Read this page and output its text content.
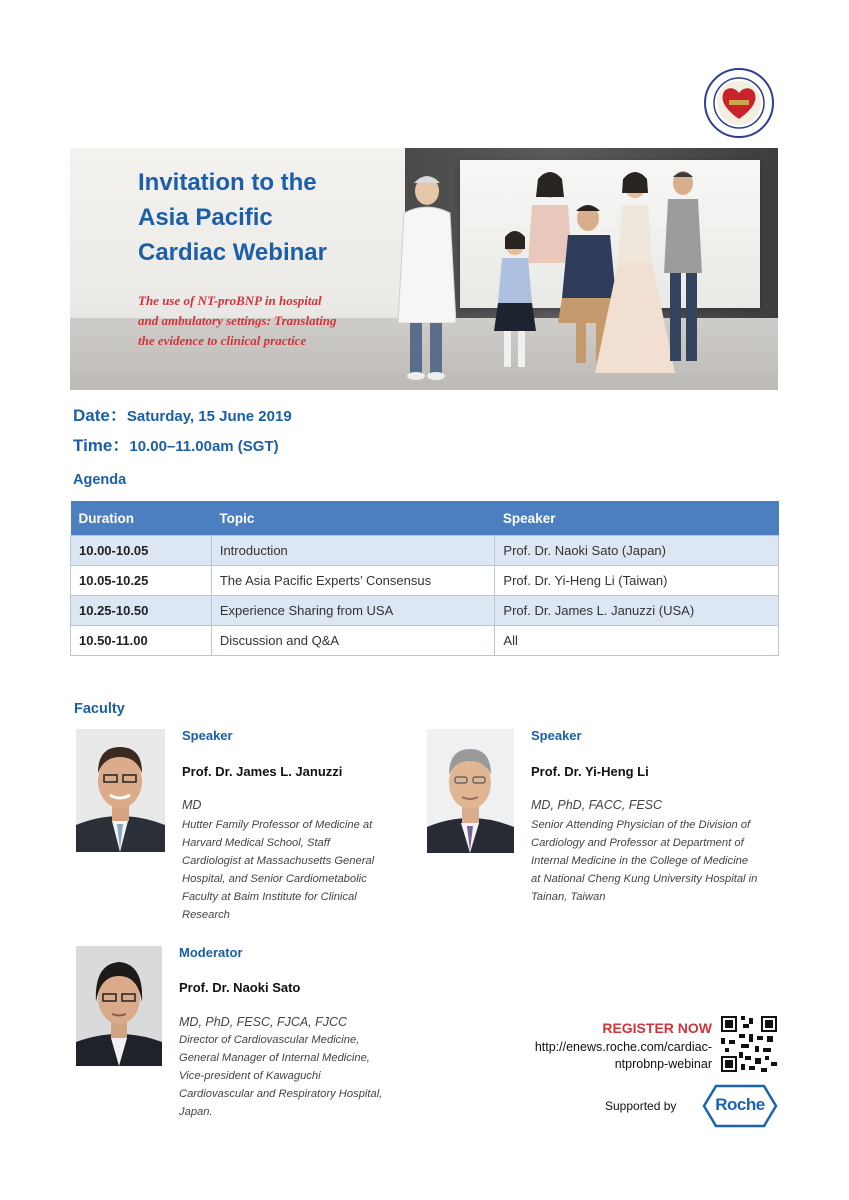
·
Invitation to the
Asia Pacific
Cardiac Webinar
The use of NT-proBNP in hospital
and ambulatory settings: Translating
the evidence to clinical practice
Date：Saturday, 15 June 2019
Time：10.00–11.00am (SGT)
Agenda
Duration	Topic	Speaker
10.00-10.05	Introduction	Prof. Dr. Naoki Sato (Japan)
10.05-10.25	The Asia Pacific Experts’ Consensus	Prof. Dr. Yi-Heng Li (Taiwan)
10.25-10.50	Experience Sharing from USA	Prof. Dr. James L. Januzzi (USA)
10.50-11.00	Discussion and Q&A	All
Faculty
Speaker
Prof. Dr. James L. Januzzi
MD
Hutter Family Professor of Medicine at
Harvard Medical School, Staff
Cardiologist at Massachusetts General
Hospital, and Senior Cardiometabolic
Faculty at Baim Institute for Clinical
Research
Speaker
Prof. Dr. Yi-Heng Li
MD, PhD, FACC, FESC
Senior Attending Physician of the Division of
Cardiology and Professor at Department of
Internal Medicine in the College of Medicine
at National Cheng Kung University Hospital in
Tainan, Taiwan
Moderator
Prof. Dr. Naoki Sato
MD, PhD, FESC, FJCA, FJCC
Director of Cardiovascular Medicine,
General Manager of Internal Medicine,
Vice-president of Kawaguchi
Cardiovascular and Respiratory Hospital,
Japan.
REGISTER NOW
http://enews.roche.com/cardiac-
ntprobnp-webinar
Supported by	Roche
